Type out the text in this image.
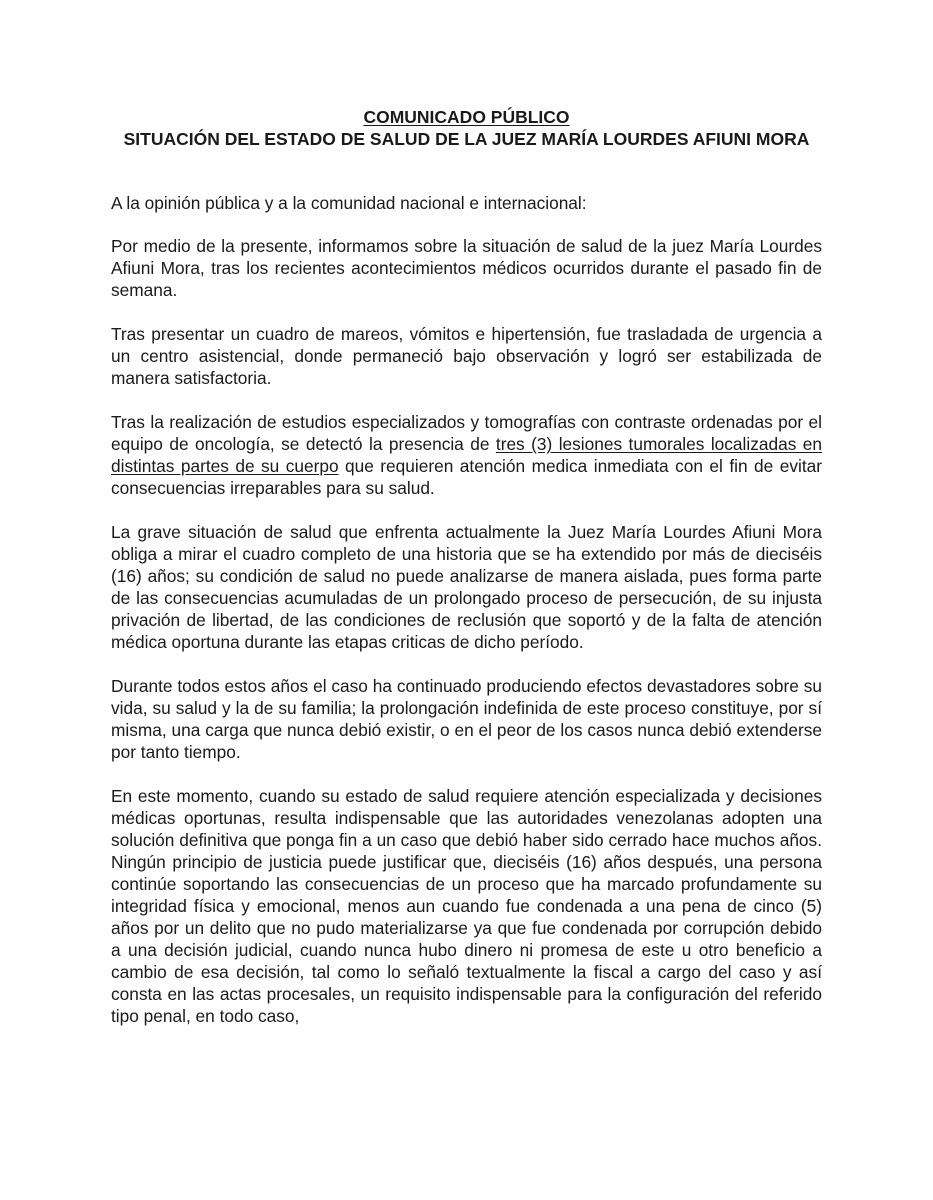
COMUNICADO PÚBLICO
SITUACIÓN DEL ESTADO DE SALUD DE LA JUEZ MARÍA LOURDES AFIUNI MORA

A la opinión pública y a la comunidad nacional e internacional:

Por medio de la presente, informamos sobre la situación de salud de la juez María Lourdes Afiuni Mora, tras los recientes acontecimientos médicos ocurridos durante el pasado fin de semana.

Tras presentar un cuadro de mareos, vómitos e hipertensión, fue trasladada de urgencia a un centro asistencial, donde permaneció bajo observación y logró ser estabilizada de manera satisfactoria.

Tras la realización de estudios especializados y tomografías con contraste ordenadas por el equipo de oncología, se detectó la presencia de tres (3) lesiones tumorales localizadas en distintas partes de su cuerpo que requieren atención medica inmediata con el fin de evitar consecuencias irreparables para su salud.

La grave situación de salud que enfrenta actualmente la Juez María Lourdes Afiuni Mora obliga a mirar el cuadro completo de una historia que se ha extendido por más de dieciséis (16) años; su condición de salud no puede analizarse de manera aislada, pues forma parte de las consecuencias acumuladas de un prolongado proceso de persecución, de su injusta privación de libertad, de las condiciones de reclusión que soportó y de la falta de atención médica oportuna durante las etapas criticas de dicho período.

Durante todos estos años el caso ha continuado produciendo efectos devastadores sobre su vida, su salud y la de su familia; la prolongación indefinida de este proceso constituye, por sí misma, una carga que nunca debió existir, o en el peor de los casos nunca debió extenderse por tanto tiempo.

En este momento, cuando su estado de salud requiere atención especializada y decisiones médicas oportunas, resulta indispensable que las autoridades venezolanas adopten una solución definitiva que ponga fin a un caso que debió haber sido cerrado hace muchos años. Ningún principio de justicia puede justificar que, dieciséis (16) años después, una persona continúe soportando las consecuencias de un proceso que ha marcado profundamente su integridad física y emocional, menos aun cuando fue condenada a una pena de cinco (5) años por un delito que no pudo materializarse ya que fue condenada por corrupción debido a una decisión judicial, cuando nunca hubo dinero ni promesa de este u otro beneficio a cambio de esa decisión, tal como lo señaló textualmente la fiscal a cargo del caso y así consta en las actas procesales, un requisito indispensable para la configuración del referido tipo penal, en todo caso,
